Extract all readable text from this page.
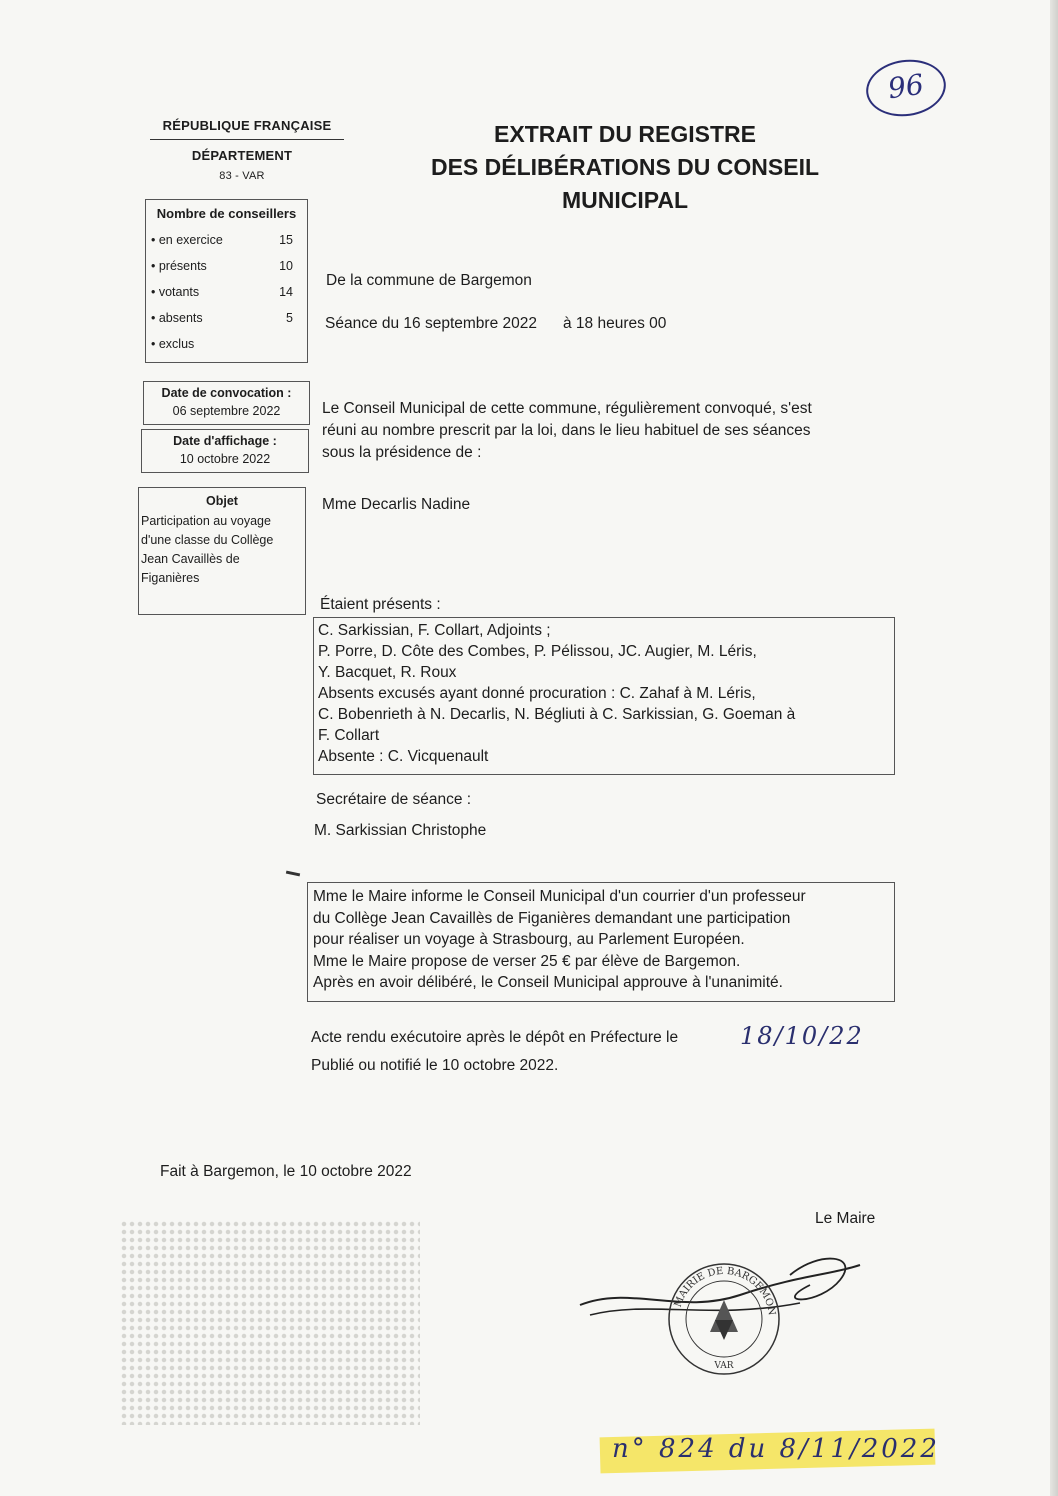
96
RÉPUBLIQUE FRANÇAISE
DÉPARTEMENT
83 - VAR
EXTRAIT DU REGISTRE
DES DÉLIBÉRATIONS DU CONSEIL
MUNICIPAL
Nombre de conseillers
• en exercice	15
• présents	10
• votants	14
• absents	5
• exclus
Date de convocation :
06 septembre 2022
Date d'affichage :
10 octobre 2022
Objet
Participation au voyage
d'une classe du Collège
Jean Cavaillès de
Figanières
De la commune de Bargemon
Séance du 16 septembre 2022 à 18 heures 00
Le Conseil Municipal de cette commune, régulièrement convoqué, s'est
réuni au nombre prescrit par la loi, dans le lieu habituel de ses séances
sous la présidence de :
Mme Decarlis Nadine
Étaient présents :
C. Sarkissian, F. Collart, Adjoints ;
P. Porre, D. Côte des Combes, P. Pélissou, JC. Augier, M. Léris,
Y. Bacquet, R. Roux
Absents excusés ayant donné procuration : C. Zahaf à M. Léris,
C. Bobenrieth à N. Decarlis, N. Bégliuti à C. Sarkissian, G. Goeman à
F. Collart
Absente : C. Vicquenault
Secrétaire de séance :
M. Sarkissian Christophe
Mme le Maire informe le Conseil Municipal d'un courrier d'un professeur
du Collège Jean Cavaillès de Figanières demandant une participation
pour réaliser un voyage à Strasbourg, au Parlement Européen.
Mme le Maire propose de verser 25 € par élève de Bargemon.
Après en avoir délibéré, le Conseil Municipal approuve à l'unanimité.
Acte rendu exécutoire après le dépôt en Préfecture le	18/10/22
Publié ou notifié le 10 octobre 2022.
Fait à Bargemon, le 10 octobre 2022
Le Maire
MAIRIE DE BARGEMON
VAR
n° 824 du 8/11/2022
